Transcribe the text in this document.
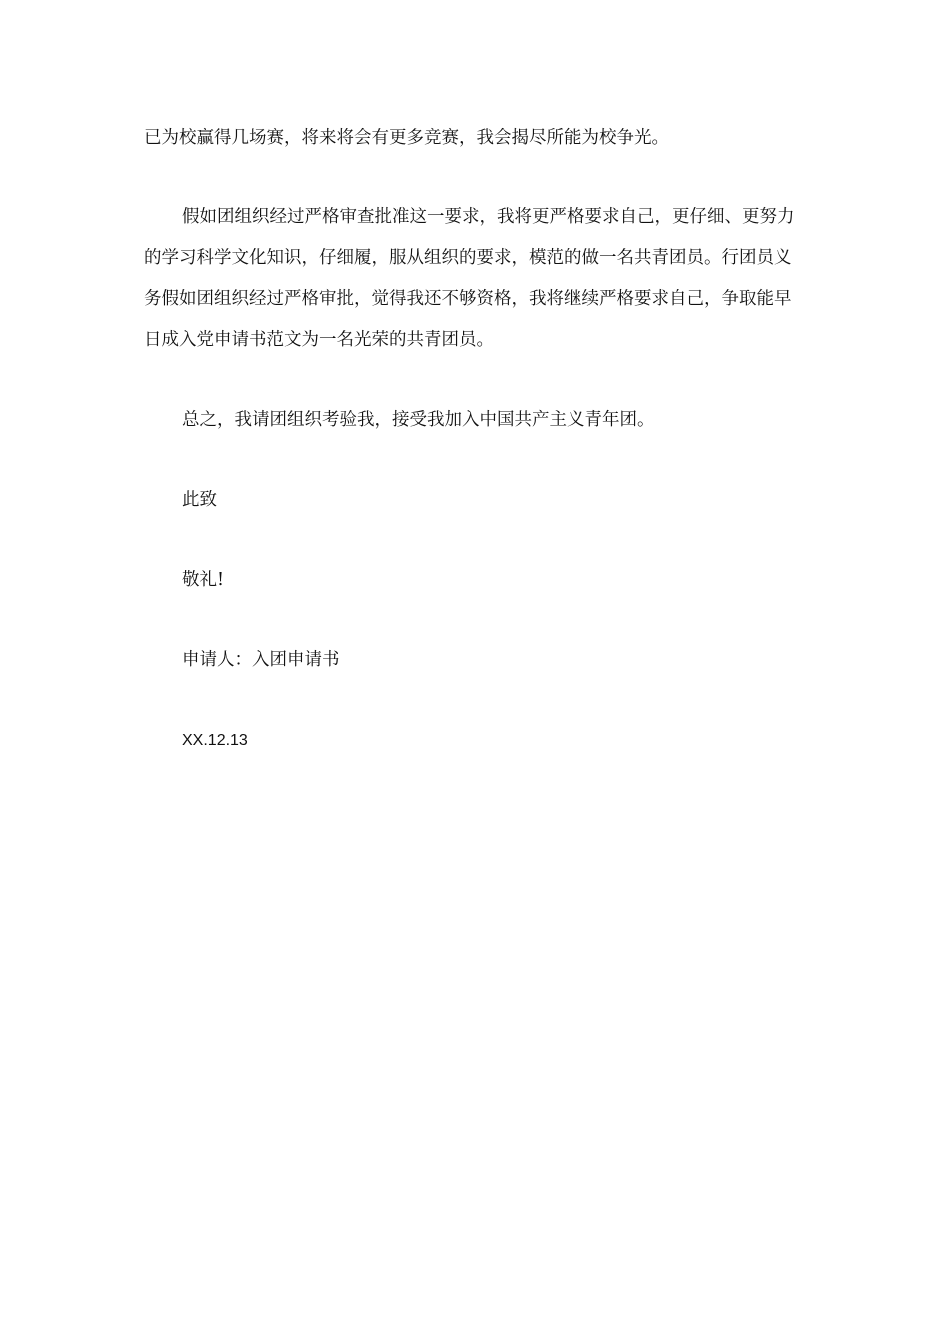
已为校赢得几场赛，将来将会有更多竞赛，我会揭尽所能为校争光。
假如团组织经过严格审查批准这一要求，我将更严格要求自己，更仔细、更努力的学习科学文化知识，仔细履，服从组织的要求，模范的做一名共青团员。行团员义务假如团组织经过严格审批，觉得我还不够资格，我将继续严格要求自己，争取能早日成入党申请书范文为一名光荣的共青团员。
总之，我请团组织考验我，接受我加入中国共产主义青年团。
此致
敬礼!
申请人：入团申请书
XX.12.13
